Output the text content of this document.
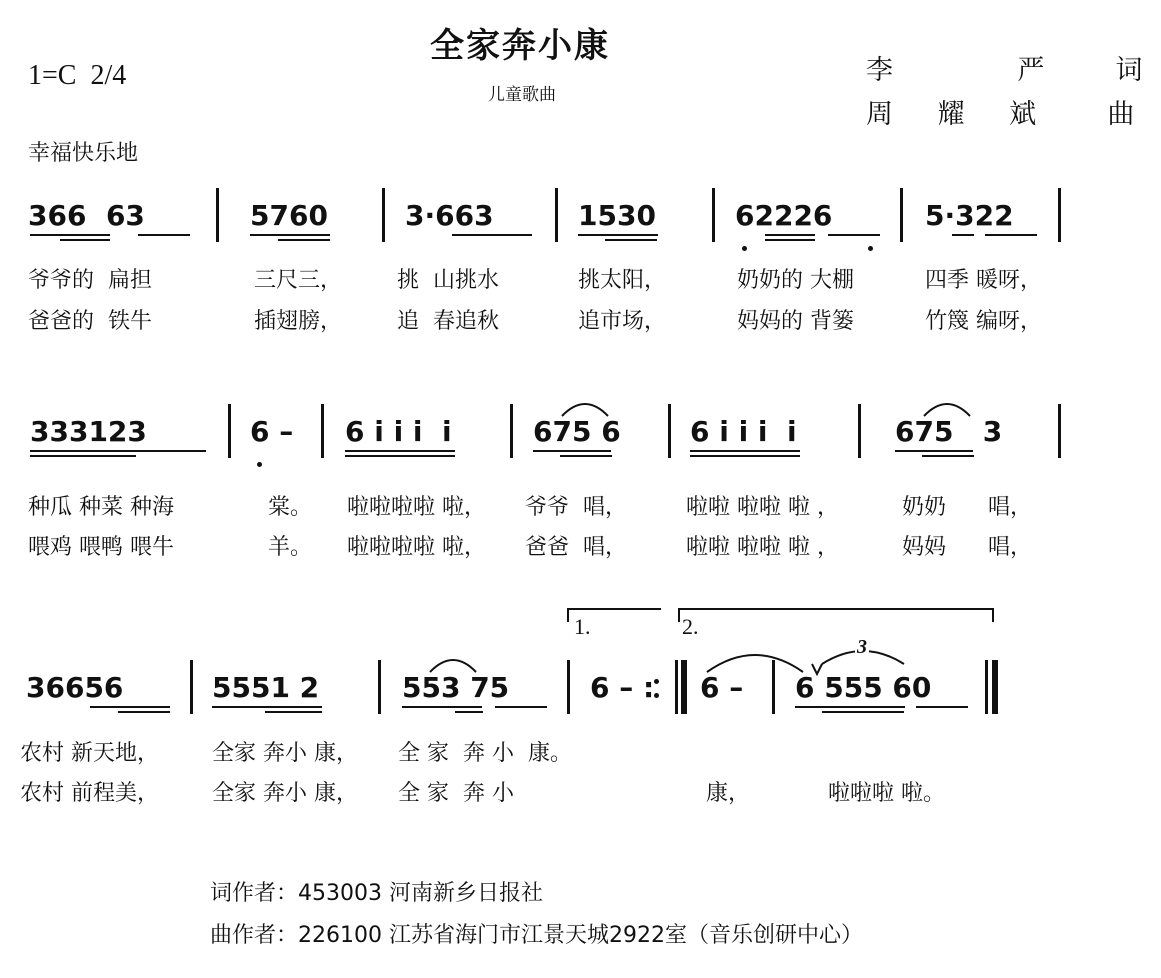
全家奔小康
儿童歌曲
1=C  2/4	李    严  词
周 耀 斌  曲
幸福快乐地
366  63	5760	3·663	1530	62226	5·322
爷爷的  扁担	三尺三， 挑  山挑水	挑太阳，	奶奶的 大棚	四季 暖呀，
爸爸的  铁牛	插翅膀， 追  春追秋	追市场，	妈妈的 背篓	竹篾 编呀，
333123	6 – 6 i i i  i	675 6 6 i i i  i	675   3
种瓜 种菜 种海	棠。 啦啦啦啦 啦， 爷爷  唱，	啦啦 啦啦 啦 ，	奶奶      唱，
喂鸡 喂鸭 喂牛	羊。 啦啦啦啦 啦， 爸爸  唱，	啦啦 啦啦 啦 ，	妈妈      唱，
1.	2.
36656	5551 2	553 75	6 – : 6 – 6 555 60
3
农村 新天地， 全家 奔小 康， 全 家  奔 小  康。
农村 前程美， 全家 奔小 康， 全 家  奔 小	康，	啦啦啦 啦。
词作者：453003 河南新乡日报社
曲作者：226100 江苏省海门市江景天城2922室（音乐创研中心）
